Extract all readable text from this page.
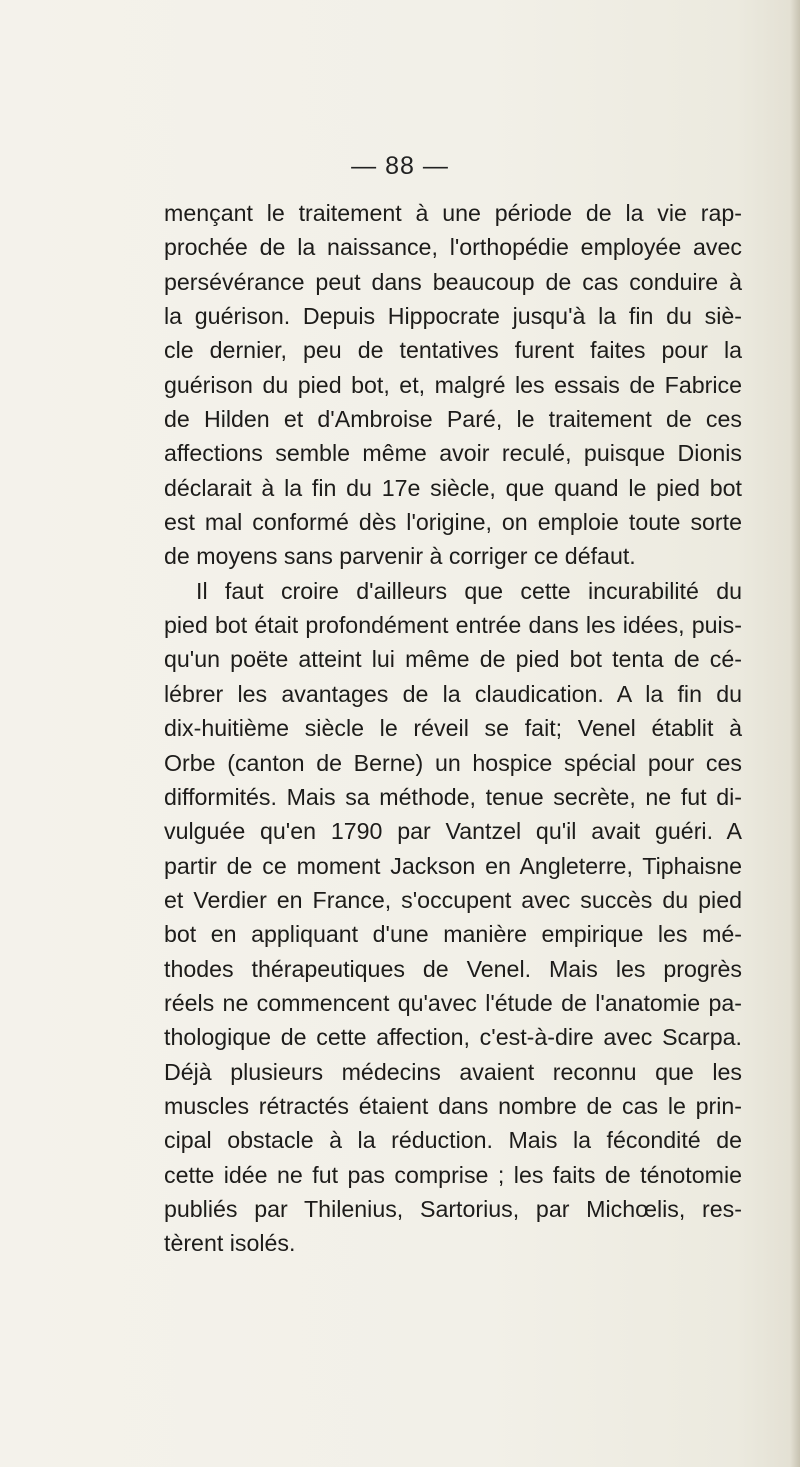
— 88 —
mençant le traitement à une période de la vie rap-
prochée de la naissance, l'orthopédie employée avec
persévérance peut dans beaucoup de cas conduire à
la guérison. Depuis Hippocrate jusqu'à la fin du siè-
cle dernier, peu de tentatives furent faites pour la
guérison du pied bot, et, malgré les essais de Fabrice
de Hilden et d'Ambroise Paré, le traitement de ces
affections semble même avoir reculé, puisque Dionis
déclarait à la fin du 17e siècle, que quand le pied bot
est mal conformé dès l'origine, on emploie toute sorte
de moyens sans parvenir à corriger ce défaut.
Il faut croire d'ailleurs que cette incurabilité du
pied bot était profondément entrée dans les idées, puis-
qu'un poëte atteint lui même de pied bot tenta de cé-
lébrer les avantages de la claudication. A la fin du
dix-huitième siècle le réveil se fait; Venel établit à
Orbe (canton de Berne) un hospice spécial pour ces
difformités. Mais sa méthode, tenue secrète, ne fut di-
vulguée qu'en 1790 par Vantzel qu'il avait guéri. A
partir de ce moment Jackson en Angleterre, Tiphaisne
et Verdier en France, s'occupent avec succès du pied
bot en appliquant d'une manière empirique les mé-
thodes thérapeutiques de Venel. Mais les progrès
réels ne commencent qu'avec l'étude de l'anatomie pa-
thologique de cette affection, c'est-à-dire avec Scarpa.
Déjà plusieurs médecins avaient reconnu que les
muscles rétractés étaient dans nombre de cas le prin-
cipal obstacle à la réduction. Mais la fécondité de
cette idée ne fut pas comprise ; les faits de ténotomie
publiés par Thilenius, Sartorius, par Michœlis, res-
tèrent isolés.
